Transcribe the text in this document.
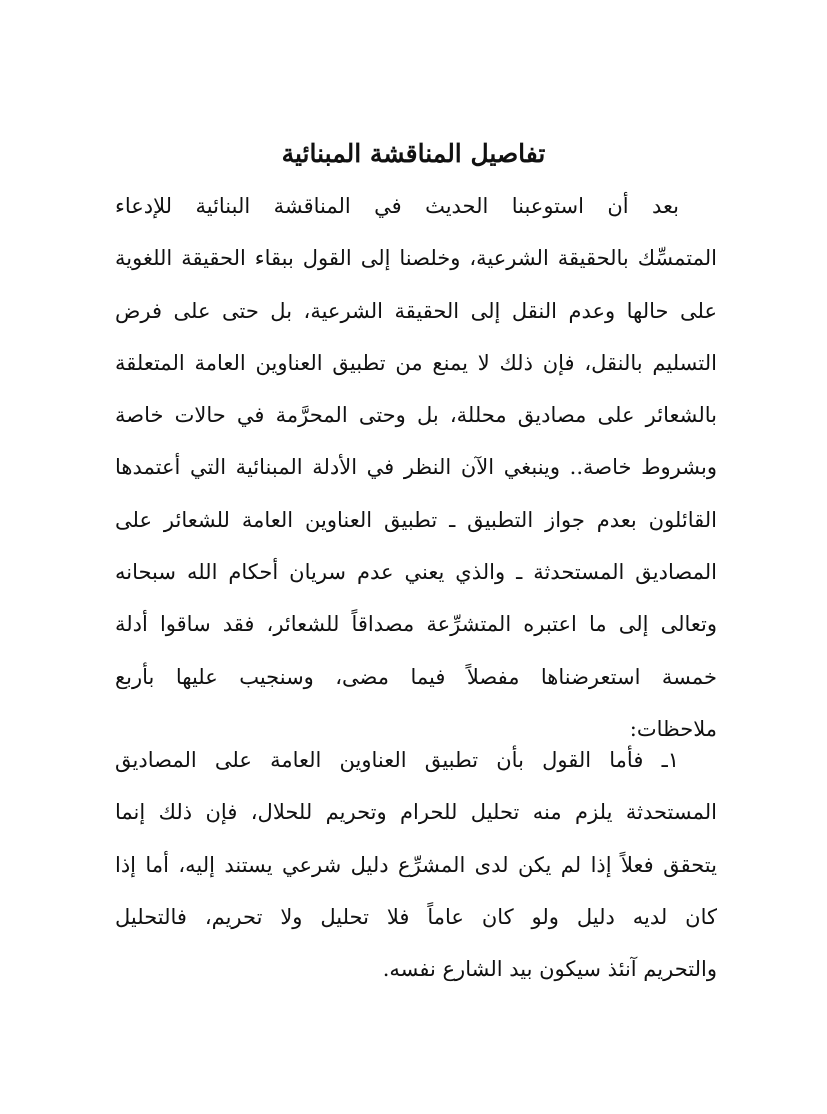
تفاصيل المناقشة المبنائية
بعد أن استوعبنا الحديث في المناقشة البنائية للإدعاء
المتمسِّك بالحقيقة الشرعية، وخلصنا إلى القول ببقاء الحقيقة اللغوية
على حالها وعدم النقل إلى الحقيقة الشرعية، بل حتى على فرض
التسليم بالنقل، فإن ذلك لا يمنع من تطبيق العناوين العامة المتعلقة
بالشعائر على مصاديق محللة، بل وحتى المحرَّمة في حالات خاصة
وبشروط خاصة.. وينبغي الآن النظر في الأدلة المبنائية التي أعتمدها
القائلون بعدم جواز التطبيق ـ تطبيق العناوين العامة للشعائر على
المصاديق المستحدثة ـ والذي يعني عدم سريان أحكام الله سبحانه
وتعالى إلى ما اعتبره المتشرِّعة مصداقاً للشعائر، فقد ساقوا أدلة
خمسة استعرضناها مفصلاً فيما مضى، وسنجيب عليها بأربع
ملاحظات:
١ـ فأما القول بأن تطبيق العناوين العامة على المصاديق
المستحدثة يلزم منه تحليل للحرام وتحريم للحلال، فإن ذلك إنما
يتحقق فعلاً إذا لم يكن لدى المشرِّع دليل شرعي يستند إليه، أما إذا
كان لديه دليل ولو كان عاماً فلا تحليل ولا تحريم، فالتحليل
والتحريم آنئذ سيكون بيد الشارع نفسه.
